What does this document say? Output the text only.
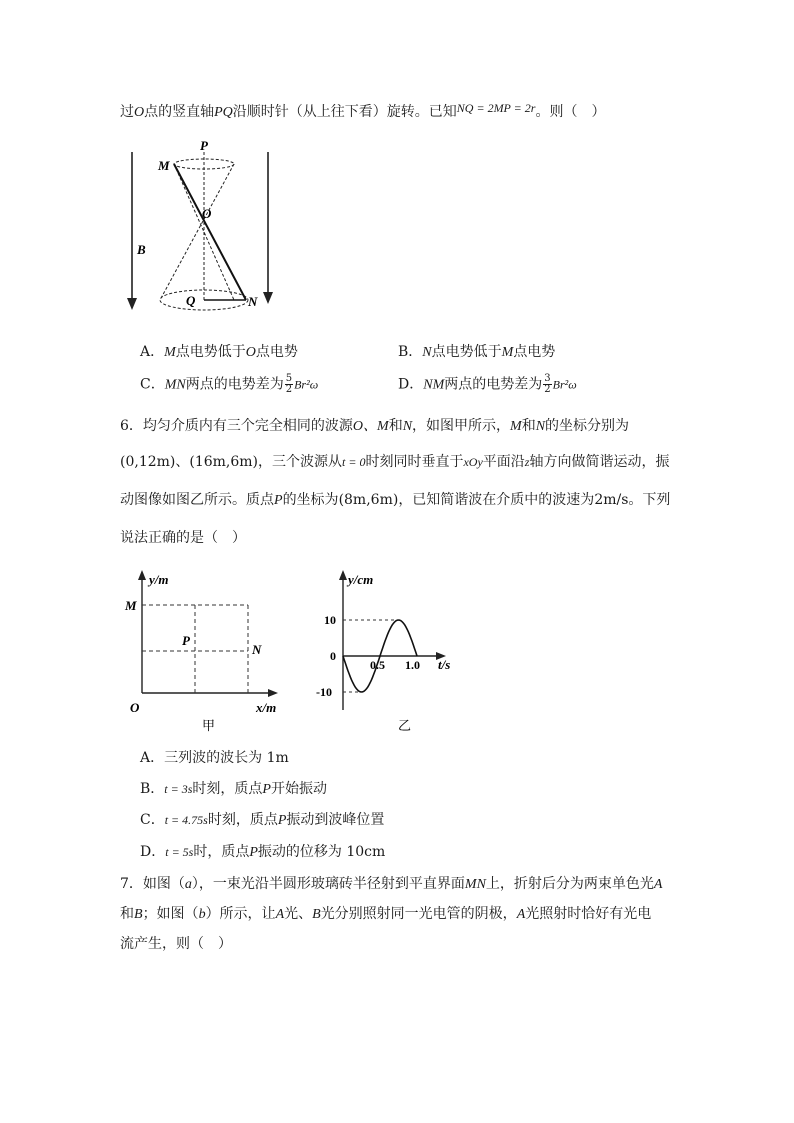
过O点的竖直轴PQ沿顺时针（从上往下看）旋转。已知NQ = 2MP = 2r。则（　）
P
M
O
B
Q	N
A．M点电势低于O点电势	B．N点电势低于M点电势
C．MN两点的电势差为 $\frac{5}{2} Br^2\omega$	D．NM两点的电势差为 $\frac{3}{2} Br^2\omega$
6．均匀介质内有三个完全相同的波源O、M和N，如图甲所示，M和N的坐标分别为
(0,12m)、(16m,6m)，三个波源从t = 0时刻同时垂直于xOy平面沿z轴方向做简谐运动，振
动图像如图乙所示。质点P的坐标为(8m,6m)，已知简谐波在介质中的波速为2m/s。下列
说法正确的是（　）
y/m
M
P
N
O	x/m
甲
y/cm
10
0
-10
0.5 1.0 t/s
乙
A．三列波的波长为 1m
B．t = 3s时刻，质点P开始振动
C．t = 4.75s时刻，质点P振动到波峰位置
D．t = 5s时，质点P振动的位移为 10cm
7．如图（a），一束光沿半圆形玻璃砖半径射到平直界面MN上，折射后分为两束单色光A
和B；如图（b）所示，让A光、B光分别照射同一光电管的阴极，A光照射时恰好有光电
流产生，则（　）
